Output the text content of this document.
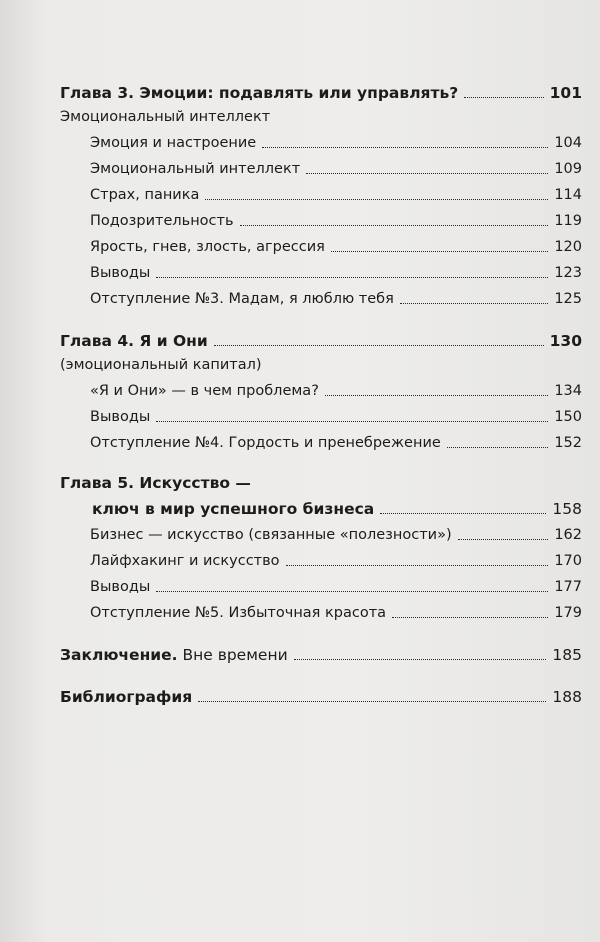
Глава 3. Эмоции: подавлять или управлять?	101
Эмоциональный интеллект
Эмоция и настроение	104
Эмоциональный интеллект	109
Страх, паника	114
Подозрительность	119
Ярость, гнев, злость, агрессия	120
Выводы	123
Отступление №3. Мадам, я люблю тебя	125
Глава 4. Я и Они	130
(эмоциональный капитал)
«Я и Они» — в чем проблема?	134
Выводы	150
Отступление №4. Гордость и пренебрежение	152
Глава 5. Искусство —
ключ в мир успешного бизнеса	158
Бизнес — искусство (связанные «полезности»)	162
Лайфхакинг и искусство	170
Выводы	177
Отступление №5. Избыточная красота	179
Заключение. Вне времени	185
Библиография	188
